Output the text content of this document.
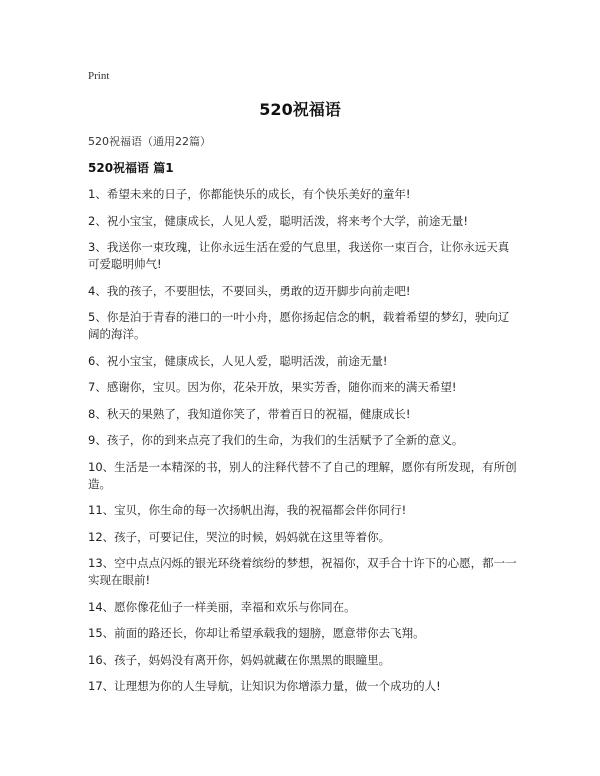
Print
520祝福语
520祝福语（通用22篇）
520祝福语 篇1
1、希望未来的日子，你都能快乐的成长，有个快乐美好的童年!
2、祝小宝宝，健康成长，人见人爱，聪明活泼，将来考个大学，前途无量!
3、我送你一束玫瑰，让你永远生活在爱的气息里，我送你一束百合，让你永远天真可爱聪明帅气!
4、我的孩子，不要胆怯，不要回头，勇敢的迈开脚步向前走吧!
5、你是泊于青春的港口的一叶小舟，愿你扬起信念的帆，载着希望的梦幻，驶向辽阔的海洋。
6、祝小宝宝，健康成长，人见人爱，聪明活泼，前途无量!
7、感谢你，宝贝。因为你，花朵开放，果实芳香，随你而来的满天希望!
8、秋天的果熟了，我知道你笑了，带着百日的祝福，健康成长!
9、孩子，你的到来点亮了我们的生命，为我们的生活赋予了全新的意义。
10、生活是一本精深的书，别人的注释代替不了自己的理解，愿你有所发现，有所创造。
11、宝贝，你生命的每一次扬帆出海，我的祝福都会伴你同行!
12、孩子，可要记住，哭泣的时候，妈妈就在这里等着你。
13、空中点点闪烁的银光环绕着缤纷的梦想，祝福你，双手合十许下的心愿，都一一实现在眼前!
14、愿你像花仙子一样美丽，幸福和欢乐与你同在。
15、前面的路还长，你却让希望承载我的翅膀，愿意带你去飞翔。
16、孩子，妈妈没有离开你，妈妈就藏在你黑黑的眼瞳里。
17、让理想为你的人生导航，让知识为你增添力量，做一个成功的人!
